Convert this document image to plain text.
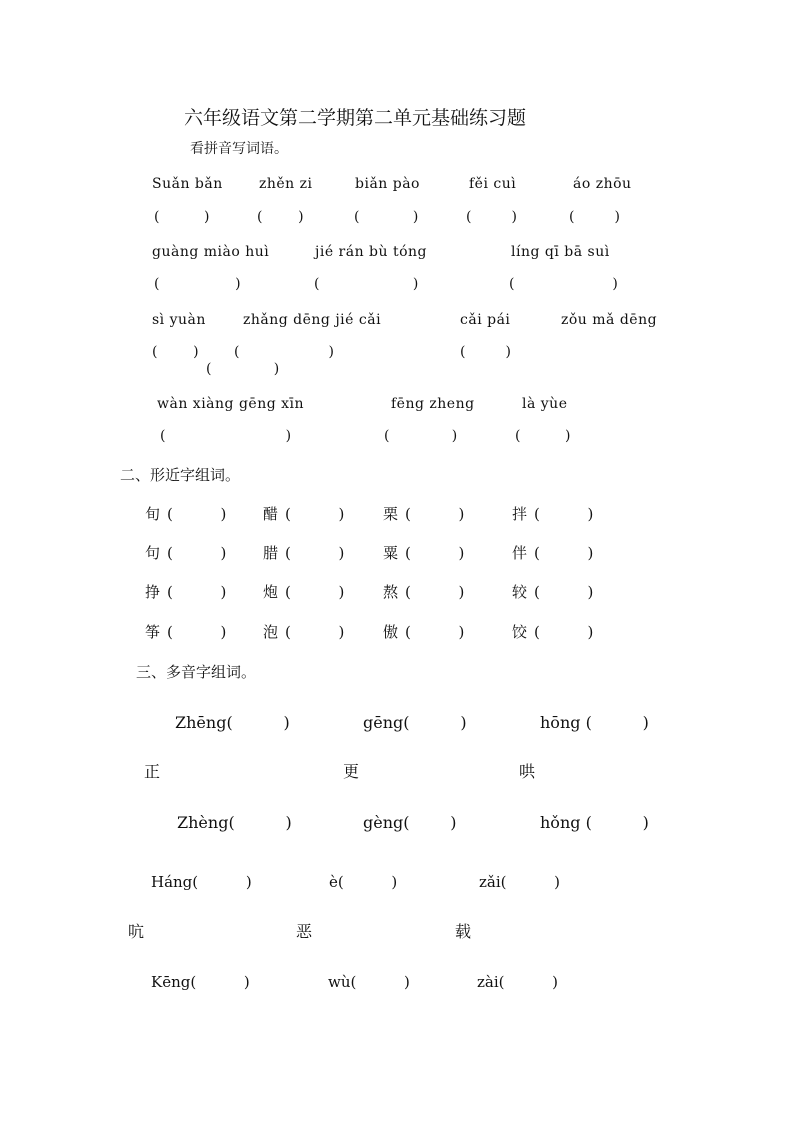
六年级语文第二学期第二单元基础练习题
看拼音写词语。
Suǎn bǎn	zhěn zi	biǎn pào	fěi cuì	áo zhōu
(          )	(        )	(            )	(         )	(         )
guàng miào huì	jié rán bù tóng	líng qī bā suì
(                 )	(                     )	(                      )
sì yuàn	zhǎng dēng jié cǎi	cǎi pái	zǒu mǎ dēng
(        )	(                    )	(         )
(              )
wàn xiàng gēng xīn	fēng zheng	là yùe
(                           )	(              )	(          )
二、形近字组词。
旬 (          ) 醋 (          )	栗 (          )	拌 (          )
句 (          ) 腊 (          )	粟 (          )	伴 (          )
挣 (          ) 炮 (          )	熬 (          )	较 (          )
筝 (          ) 泡 (          )	傲 (          )	饺 (          )
三、多音字组词。
Zhēng(          )	gēng(          )	hōng (          )
正	更	哄
Zhèng(          )	gèng(        )	hǒng (          )
Háng(          )	è(          )	zǎi(          )
吭	恶	载
Kēng(          )	wù(          )	zài(          )
